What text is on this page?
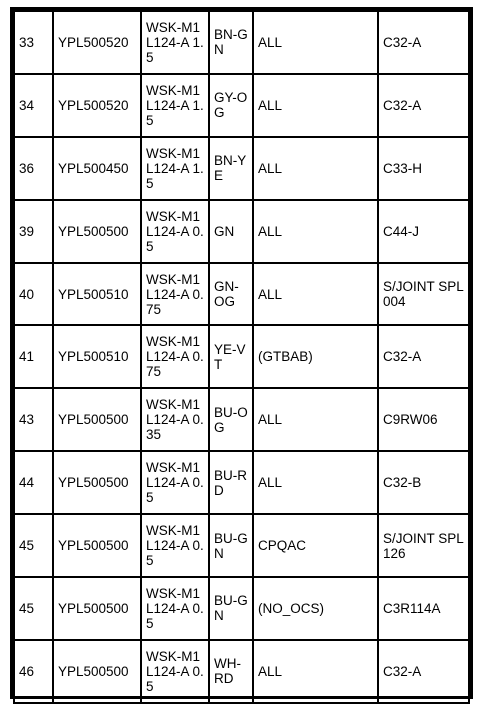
33	YPL500520	WSK-M1L124-A 1.5	BN-GN	ALL	C32-A
34	YPL500520	WSK-M1L124-A 1.5	GY-OG	ALL	C32-A
36	YPL500450	WSK-M1L124-A 1.5	BN-YE	ALL	C33-H
39	YPL500500	WSK-M1L124-A 0.5	GN	ALL	C44-J
40	YPL500510	WSK-M1L124-A 0.75	GN-OG	ALL	S/JOINT SPL004
41	YPL500510	WSK-M1L124-A 0.75	YE-VT	(GTBAB)	C32-A
43	YPL500500	WSK-M1L124-A 0.35	BU-OG	ALL	C9RW06
44	YPL500500	WSK-M1L124-A 0.5	BU-RD	ALL	C32-B
45	YPL500500	WSK-M1L124-A 0.5	BU-GN	CPQAC	S/JOINT SPL126
45	YPL500500	WSK-M1L124-A 0.5	BU-GN	(NO_OCS)	C3R114A
46	YPL500500	WSK-M1L124-A 0.5	WH-RD	ALL	C32-A
